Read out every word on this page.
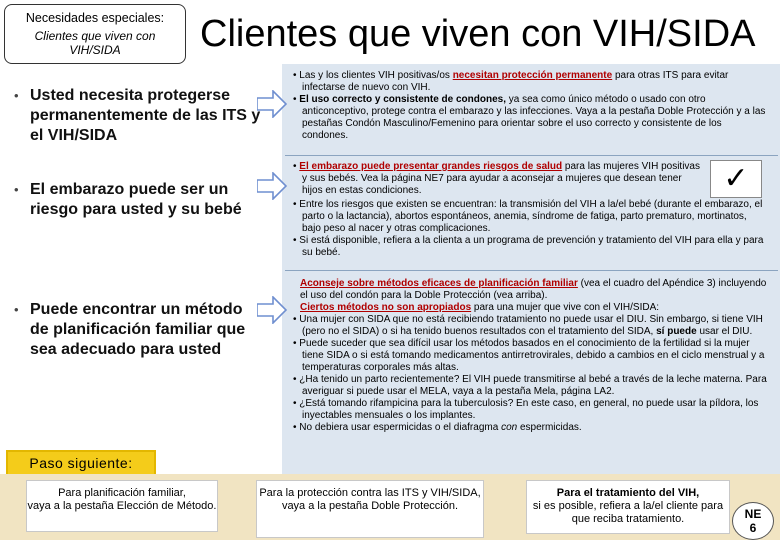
Necesidades especiales:
Clientes que viven con
VIH/SIDA	Clientes que viven con VIH/SIDA

• Las y los clientes VIH positivas/os necesitan protección permanente para otras ITS para evitar infectarse de nuevo con VIH.

• El uso correcto y consistente de condones, ya sea como único método o usado con otro anticonceptivo, protege contra el embarazo y las infecciones. Vaya a la pestaña Doble Protección y a las pestañas Condón Masculino/Femenino para orientar sobre el uso correcto y consistente de los condones.

• El embarazo puede presentar grandes riesgos de salud para las mujeres VIH positivas y sus bebés. Vea la página NE7 para ayudar a aconsejar a mujeres que desean tener hijos en estas condiciones.

• Entre los riesgos que existen se encuentran: la transmisión del VIH a la/el bebé (durante el embarazo, el parto o la lactancia), abortos espontáneos, anemia, síndrome de fatiga, parto prematuro, mortinatos, bajo peso al nacer y otras complicaciones.

• Si está disponible, refiera a la clienta a un programa de prevención y tratamiento del VIH para ella y para su bebé.

✓

Aconseje sobre métodos eficaces de planificación familiar (vea el cuadro del Apéndice 3) incluyendo el uso del condón para la Doble Protección (vea arriba).

Ciertos métodos no son apropiados para una mujer que vive con el VIH/SIDA:

• Una mujer con SIDA que no está recibiendo tratamiento no puede usar el DIU. Sin embargo, si tiene VIH (pero no el SIDA) o si ha tenido buenos resultados con el tratamiento del SIDA, sí puede usar el DIU.

• Puede suceder que sea difícil usar los métodos basados en el conocimiento de la fertilidad si la mujer tiene SIDA o si está tomando medicamentos antirretrovirales, debido a cambios en el ciclo menstrual y a temperaturas corporales más altas.

• ¿Ha tenido un parto recientemente? El VIH puede transmitirse al bebé a través de la leche materna. Para averiguar si puede usar el MELA, vaya a la pestaña Mela, página LA2.

• ¿Está tomando rifampicina para la tuberculosis? En este caso, en general, no puede usar la píldora, los inyectables mensuales o los implantes.

• No debiera usar espermicidas o el diafragma con espermicidas.

• Usted necesita protegerse permanentemente de las ITS y el VIH/SIDA
• El embarazo puede ser un riesgo para usted y su bebé
• Puede encontrar un método de planificación familiar que sea adecuado para usted
Paso siguiente:
Para planificación familiar,
vaya a la pestaña Elección de Método.
Para la protección contra las ITS y VIH/SIDA,
vaya a la pestaña Doble Protección.
Para el tratamiento del VIH,
si es posible, refiera a la/el cliente para que reciba tratamiento.	NE
6
